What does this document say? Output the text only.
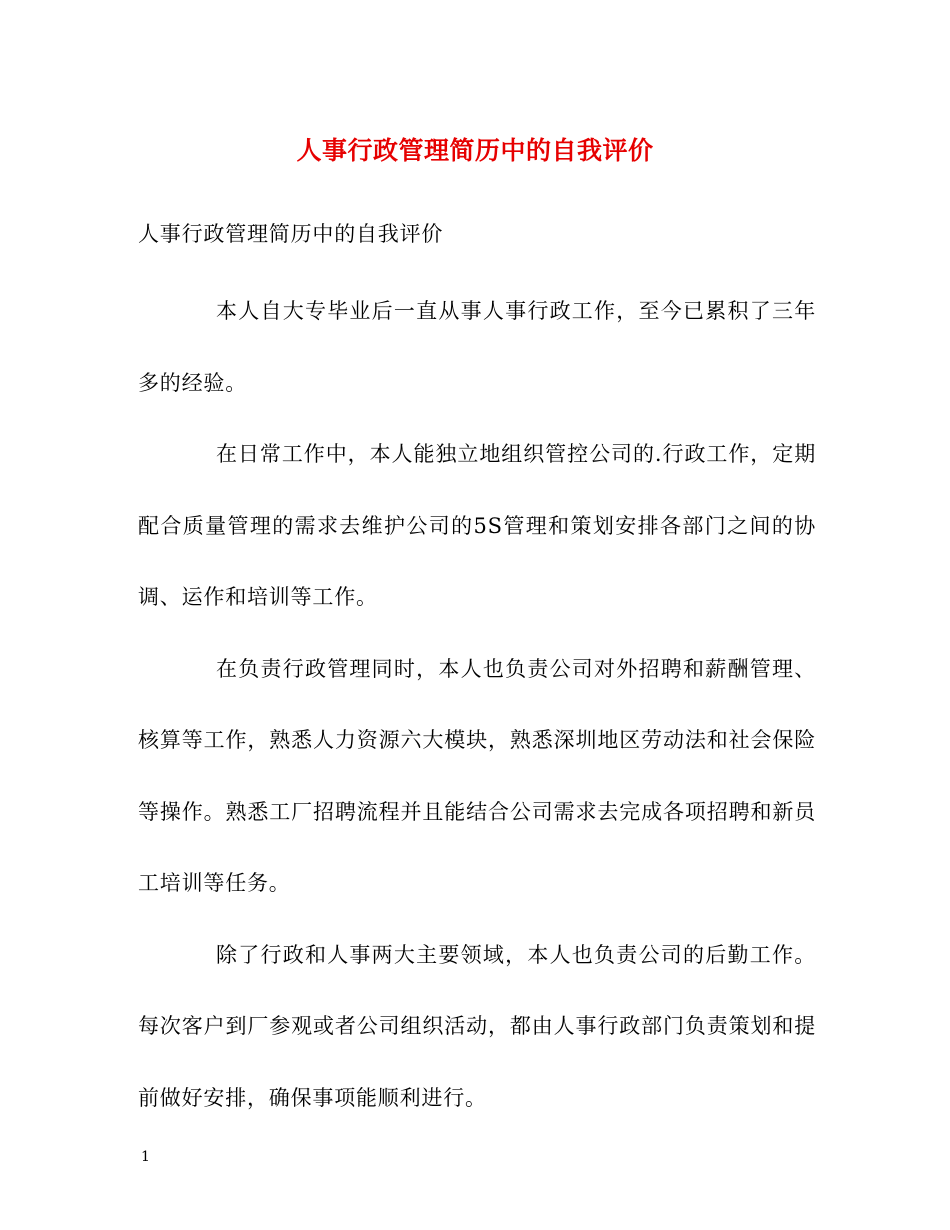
人事行政管理简历中的自我评价
人事行政管理简历中的自我评价

本人自大专毕业后一直从事人事行政工作，至今已累积了三年多的经验。

在日常工作中，本人能独立地组织管控公司的.行政工作，定期配合质量管理的需求去维护公司的5S管理和策划安排各部门之间的协调、运作和培训等工作。

在负责行政管理同时，本人也负责公司对外招聘和薪酬管理、核算等工作，熟悉人力资源六大模块，熟悉深圳地区劳动法和社会保险等操作。熟悉工厂招聘流程并且能结合公司需求去完成各项招聘和新员工培训等任务。

除了行政和人事两大主要领域，本人也负责公司的后勤工作。每次客户到厂参观或者公司组织活动，都由人事行政部门负责策划和提前做好安排，确保事项能顺利进行。

1
